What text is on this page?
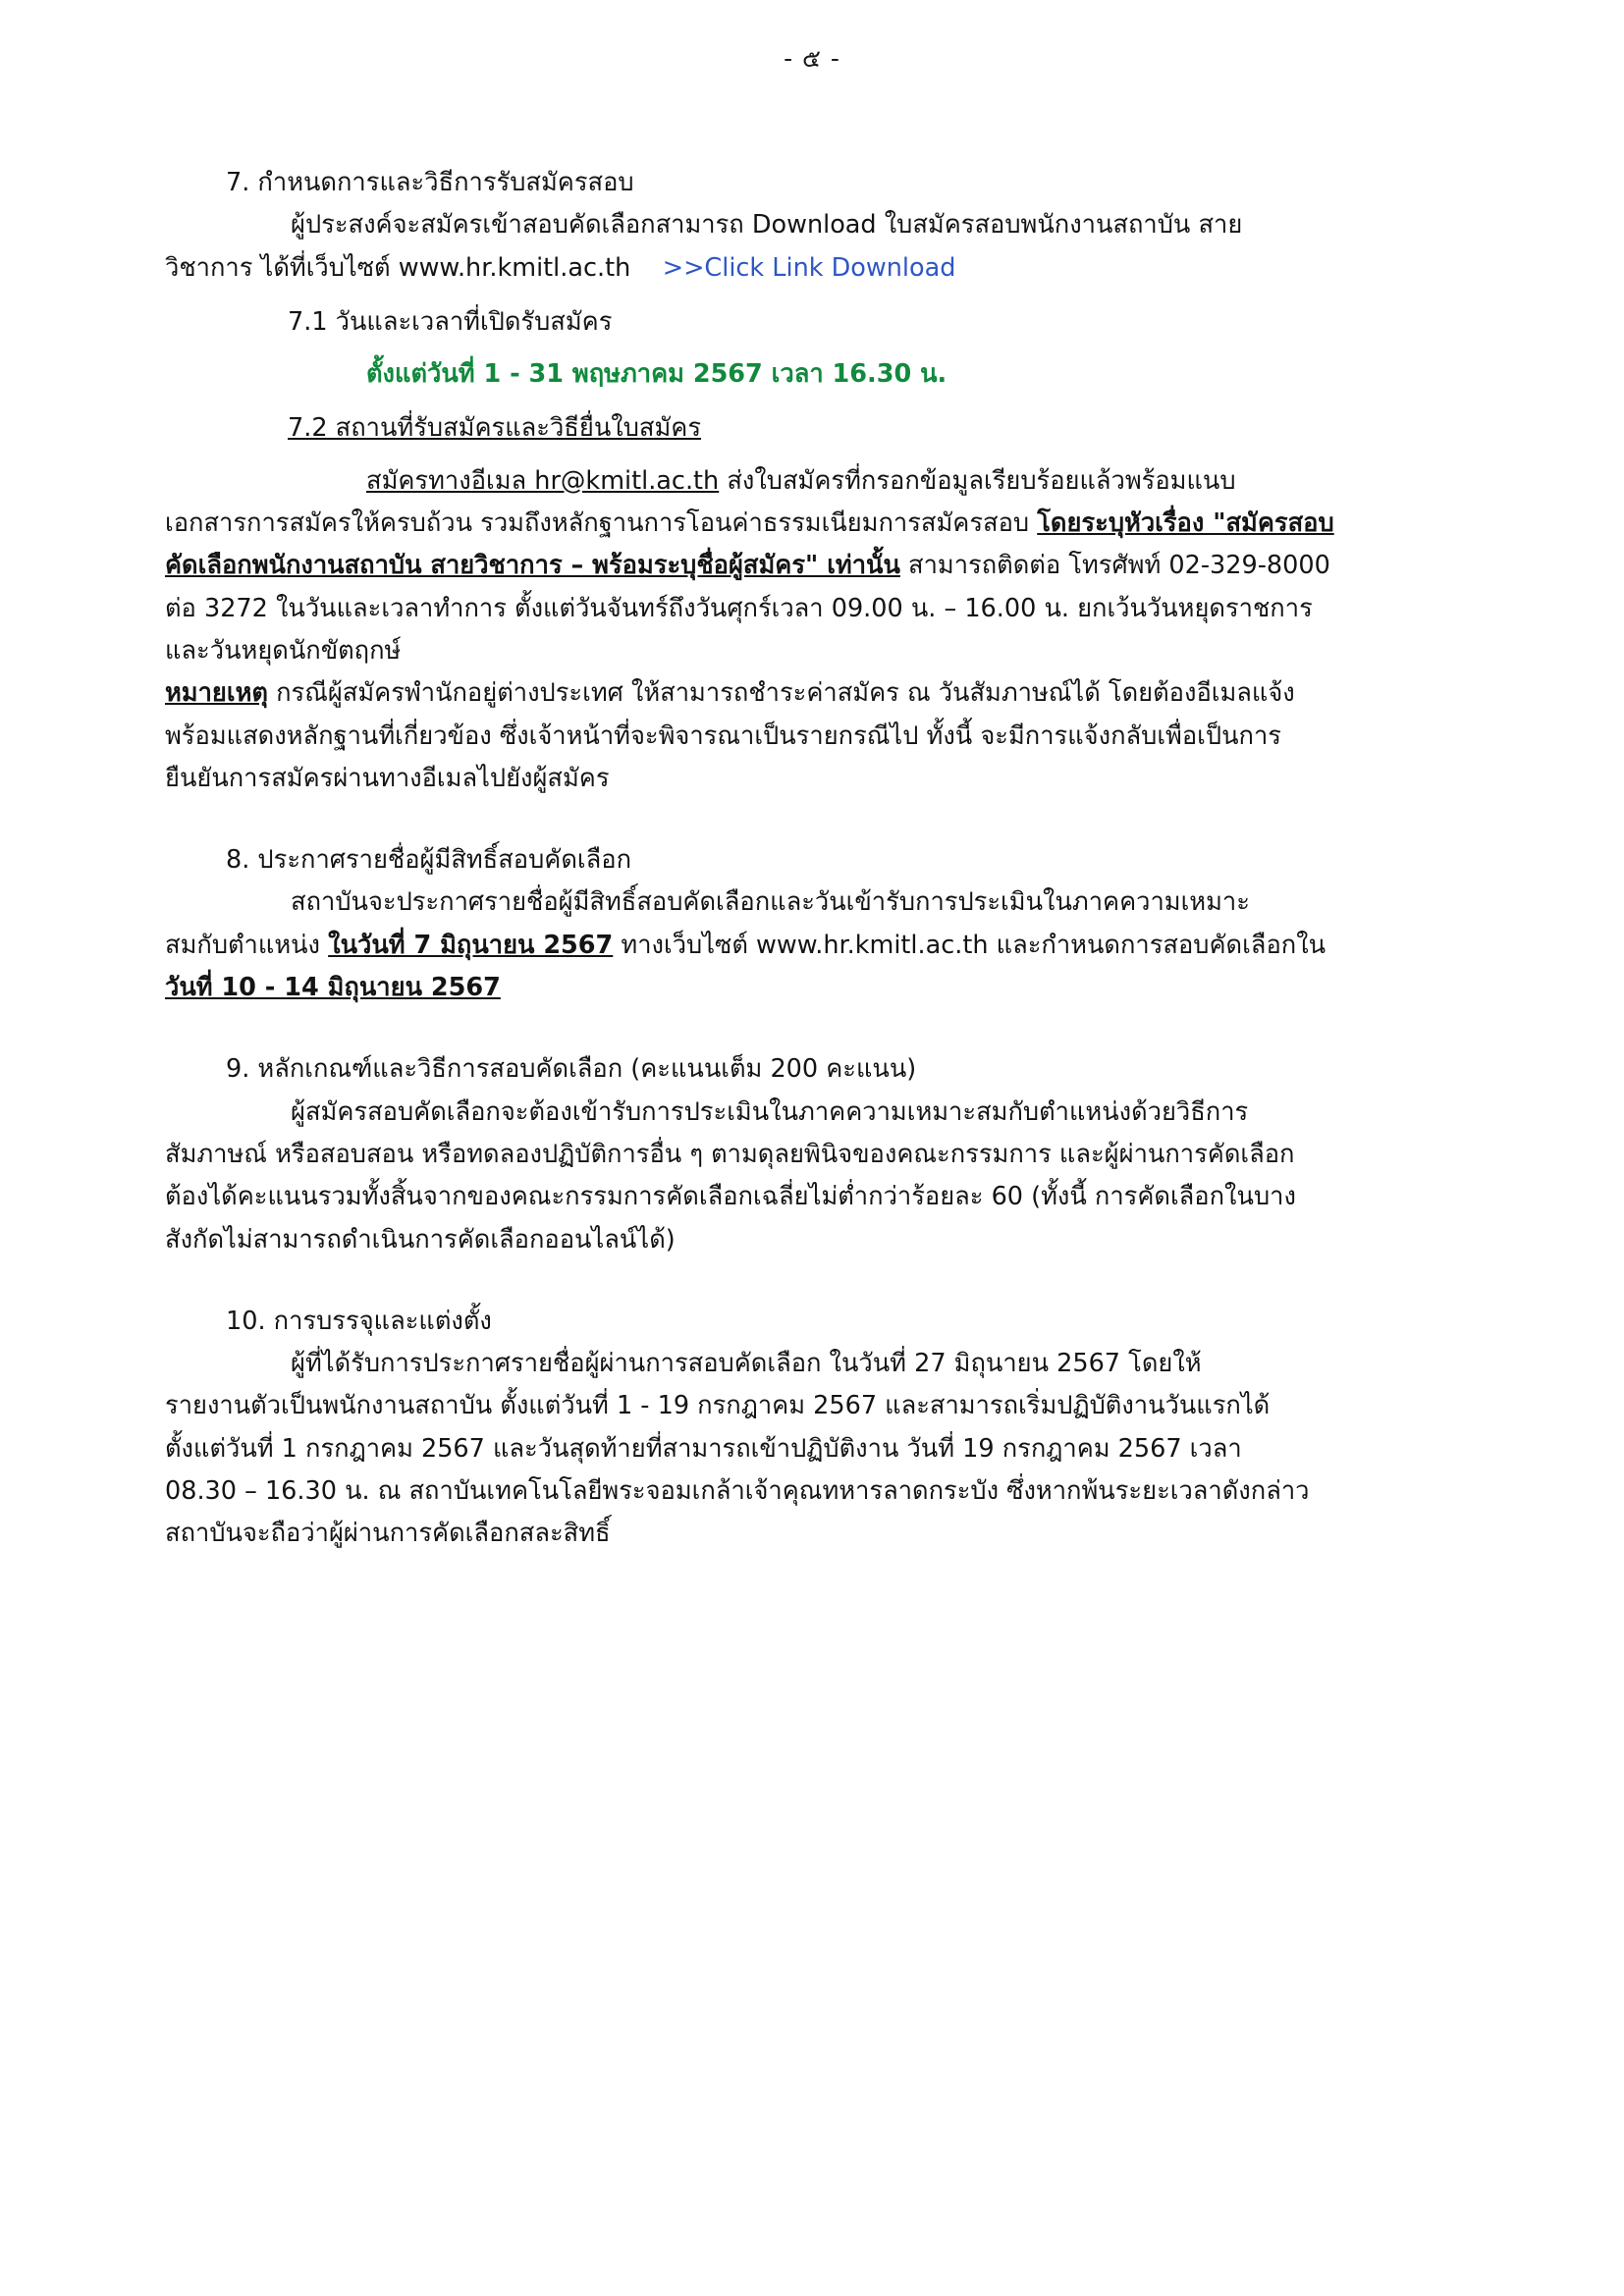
- ๕ -

7. กำหนดการและวิธีการรับสมัครสอบ

ผู้ประสงค์จะสมัครเข้าสอบคัดเลือกสามารถ Download ใบสมัครสอบพนักงานสถาบัน สาย

วิชาการ ได้ที่เว็บไซต์ www.hr.kmitl.ac.th >>Click Link Download

7.1 วันและเวลาที่เปิดรับสมัคร

ตั้งแต่วันที่ 1 - 31 พฤษภาคม 2567 เวลา 16.30 น.

7.2 สถานที่รับสมัครและวิธียื่นใบสมัคร

สมัครทางอีเมล hr@kmitl.ac.th ส่งใบสมัครที่กรอกข้อมูลเรียบร้อยแล้วพร้อมแนบ

เอกสารการสมัครให้ครบถ้วน รวมถึงหลักฐานการโอนค่าธรรมเนียมการสมัครสอบ โดยระบุหัวเรื่อง "สมัครสอบ

คัดเลือกพนักงานสถาบัน สายวิชาการ – พร้อมระบุชื่อผู้สมัคร" เท่านั้น สามารถติดต่อ โทรศัพท์ 02-329-8000

ต่อ 3272 ในวันและเวลาทำการ ตั้งแต่วันจันทร์ถึงวันศุกร์เวลา 09.00 น. – 16.00 น. ยกเว้นวันหยุดราชการ

และวันหยุดนักขัตฤกษ์

หมายเหตุ กรณีผู้สมัครพำนักอยู่ต่างประเทศ ให้สามารถชำระค่าสมัคร ณ วันสัมภาษณ์ได้ โดยต้องอีเมลแจ้ง

พร้อมแสดงหลักฐานที่เกี่ยวข้อง ซึ่งเจ้าหน้าที่จะพิจารณาเป็นรายกรณีไป ทั้งนี้ จะมีการแจ้งกลับเพื่อเป็นการ

ยืนยันการสมัครผ่านทางอีเมลไปยังผู้สมัคร

8. ประกาศรายชื่อผู้มีสิทธิ์สอบคัดเลือก

สถาบันจะประกาศรายชื่อผู้มีสิทธิ์สอบคัดเลือกและวันเข้ารับการประเมินในภาคความเหมาะ

สมกับตำแหน่ง ในวันที่ 7 มิถุนายน 2567 ทางเว็บไซต์ www.hr.kmitl.ac.th และกำหนดการสอบคัดเลือกใน

วันที่ 10 - 14 มิถุนายน 2567

9. หลักเกณฑ์และวิธีการสอบคัดเลือก (คะแนนเต็ม 200 คะแนน)

ผู้สมัครสอบคัดเลือกจะต้องเข้ารับการประเมินในภาคความเหมาะสมกับตำแหน่งด้วยวิธีการ

สัมภาษณ์ หรือสอบสอน หรือทดลองปฏิบัติการอื่น ๆ ตามดุลยพินิจของคณะกรรมการ และผู้ผ่านการคัดเลือก

ต้องได้คะแนนรวมทั้งสิ้นจากของคณะกรรมการคัดเลือกเฉลี่ยไม่ต่ำกว่าร้อยละ 60 (ทั้งนี้ การคัดเลือกในบาง

สังกัดไม่สามารถดำเนินการคัดเลือกออนไลน์ได้)

10. การบรรจุและแต่งตั้ง

ผู้ที่ได้รับการประกาศรายชื่อผู้ผ่านการสอบคัดเลือก ในวันที่ 27 มิถุนายน 2567 โดยให้

รายงานตัวเป็นพนักงานสถาบัน ตั้งแต่วันที่ 1 - 19 กรกฎาคม 2567 และสามารถเริ่มปฏิบัติงานวันแรกได้

ตั้งแต่วันที่ 1 กรกฎาคม 2567 และวันสุดท้ายที่สามารถเข้าปฏิบัติงาน วันที่ 19 กรกฎาคม 2567 เวลา

08.30 – 16.30 น. ณ สถาบันเทคโนโลยีพระจอมเกล้าเจ้าคุณทหารลาดกระบัง ซึ่งหากพ้นระยะเวลาดังกล่าว

สถาบันจะถือว่าผู้ผ่านการคัดเลือกสละสิทธิ์
